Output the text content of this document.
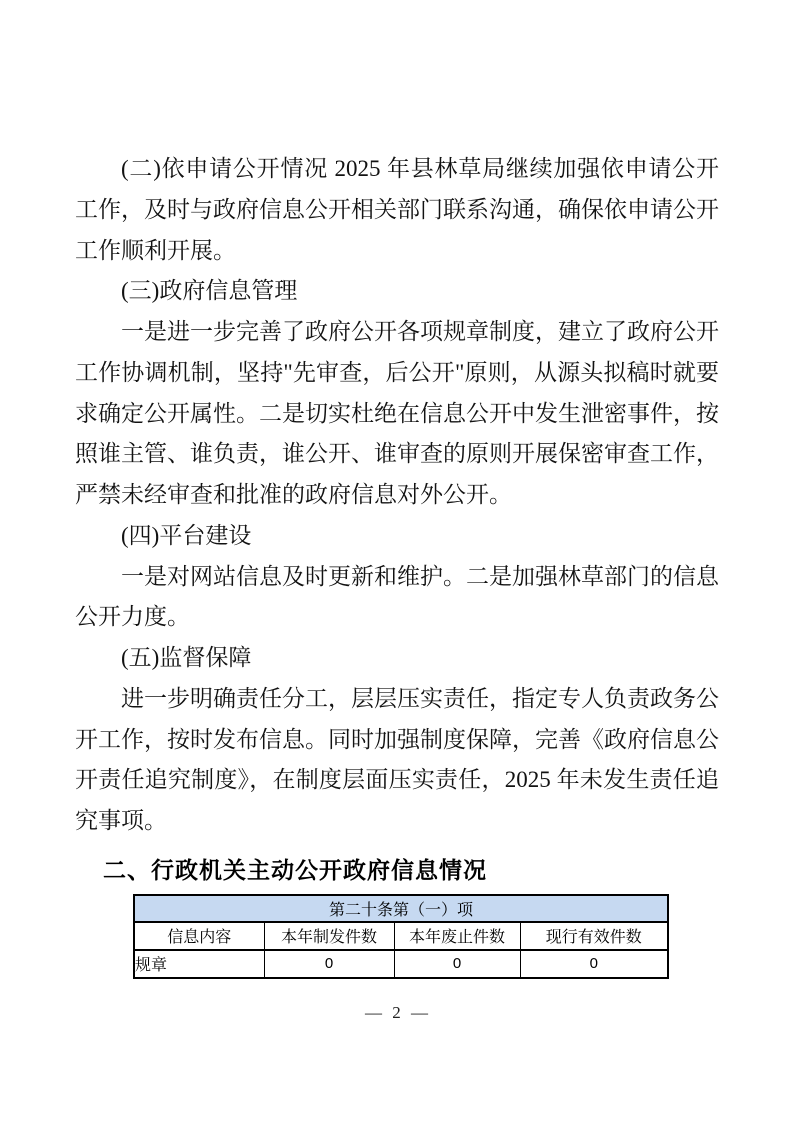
(二)依申请公开情况 2025 年县林草局继续加强依申请公开工作，及时与政府信息公开相关部门联系沟通，确保依申请公开工作顺利开展。

(三)政府信息管理

一是进一步完善了政府公开各项规章制度，建立了政府公开工作协调机制，坚持"先审查，后公开"原则，从源头拟稿时就要求确定公开属性。二是切实杜绝在信息公开中发生泄密事件，按照谁主管、谁负责，谁公开、谁审查的原则开展保密审查工作，严禁未经审查和批准的政府信息对外公开。

(四)平台建设

一是对网站信息及时更新和维护。二是加强林草部门的信息公开力度。

(五)监督保障

进一步明确责任分工，层层压实责任，指定专人负责政务公开工作，按时发布信息。同时加强制度保障，完善《政府信息公开责任追究制度》，在制度层面压实责任，2025 年未发生责任追究事项。

二、行政机关主动公开政府信息情况
第二十条第（一）项			
信息内容	本年制发件数	本年废止件数	现行有效件数
规章	0	0	0
— 2 —
